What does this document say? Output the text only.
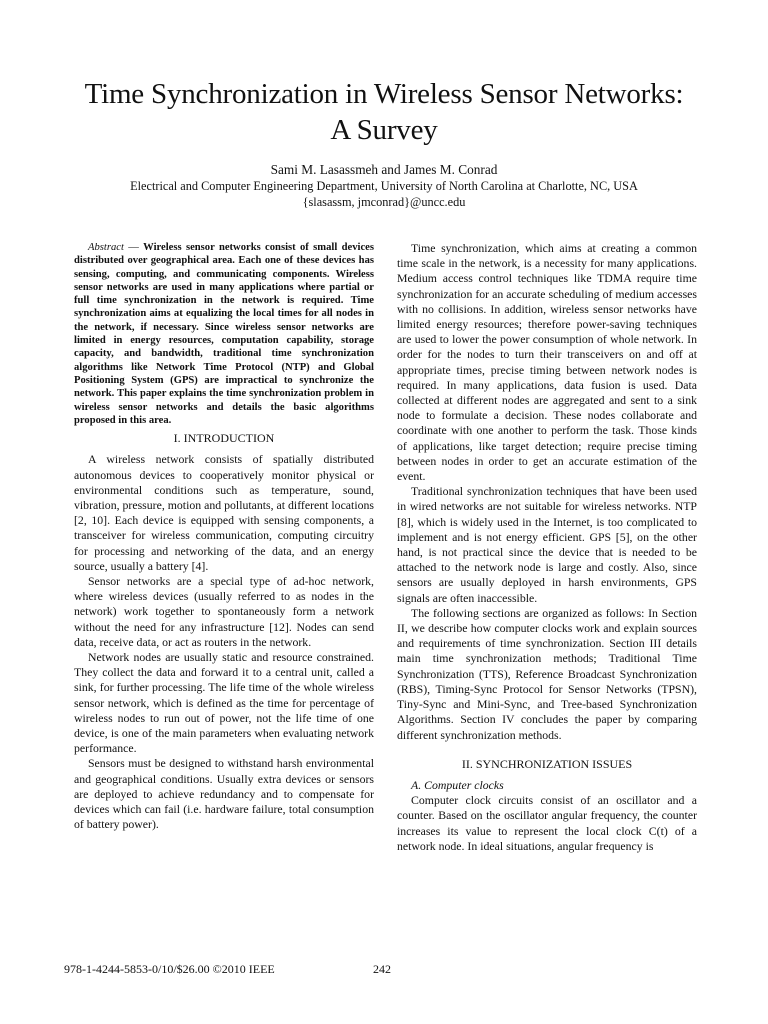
Time Synchronization in Wireless Sensor Networks:
A Survey
Sami M. Lasassmeh and James M. Conrad
Electrical and Computer Engineering Department, University of North Carolina at Charlotte, NC, USA
{slasassm, jmconrad}@uncc.edu

Abstract — Wireless sensor networks consist of small devices distributed over geographical area. Each one of these devices has sensing, computing, and communicating components. Wireless sensor networks are used in many applications where partial or full time synchronization in the network is required. Time synchronization aims at equalizing the local times for all nodes in the network, if necessary. Since wireless sensor networks are limited in energy resources, computation capability, storage capacity, and bandwidth, traditional time synchronization algorithms like Network Time Protocol (NTP) and Global Positioning System (GPS) are impractical to synchronize the network. This paper explains the time synchronization problem in wireless sensor networks and details the basic algorithms proposed in this area.

I. INTRODUCTION

A wireless network consists of spatially distributed autonomous devices to cooperatively monitor physical or environmental conditions such as temperature, sound, vibration, pressure, motion and pollutants, at different locations [2, 10]. Each device is equipped with sensing components, a transceiver for wireless communication, computing circuitry for processing and networking of the data, and an energy source, usually a battery [4].

Sensor networks are a special type of ad-hoc network, where wireless devices (usually referred to as nodes in the network) work together to spontaneously form a network without the need for any infrastructure [12]. Nodes can send data, receive data, or act as routers in the network.

Network nodes are usually static and resource constrained. They collect the data and forward it to a central unit, called a sink, for further processing. The life time of the whole wireless sensor network, which is defined as the time for percentage of wireless nodes to run out of power, not the life time of one device, is one of the main parameters when evaluating network performance.

Sensors must be designed to withstand harsh environmental and geographical conditions. Usually extra devices or sensors are deployed to achieve redundancy and to compensate for devices which can fail (i.e. hardware failure, total consumption of battery power).

Time synchronization, which aims at creating a common time scale in the network, is a necessity for many applications. Medium access control techniques like TDMA require time synchronization for an accurate scheduling of medium accesses with no collisions. In addition, wireless sensor networks have limited energy resources; therefore power-saving techniques are used to lower the power consumption of whole network. In order for the nodes to turn their transceivers on and off at appropriate times, precise timing between network nodes is required. In many applications, data fusion is used. Data collected at different nodes are aggregated and sent to a sink node to formulate a decision. These nodes collaborate and coordinate with one another to perform the task. Those kinds of applications, like target detection; require precise timing between nodes in order to get an accurate estimation of the event.

Traditional synchronization techniques that have been used in wired networks are not suitable for wireless networks. NTP [8], which is widely used in the Internet, is too complicated to implement and is not energy efficient. GPS [5], on the other hand, is not practical since the device that is needed to be attached to the network node is large and costly. Also, since sensors are usually deployed in harsh environments, GPS signals are often inaccessible.

The following sections are organized as follows: In Section II, we describe how computer clocks work and explain sources and requirements of time synchronization. Section III details main time synchronization methods; Traditional Time Synchronization (TTS), Reference Broadcast Synchronization (RBS), Timing-Sync Protocol for Sensor Networks (TPSN), Tiny-Sync and Mini-Sync, and Tree-based Synchronization Algorithms. Section IV concludes the paper by comparing different synchronization methods.

II. SYNCHRONIZATION ISSUES

A. Computer clocks

Computer clock circuits consist of an oscillator and a counter. Based on the oscillator angular frequency, the counter increases its value to represent the local clock C(t) of a network node. In ideal situations, angular frequency is

978-1-4244-5853-0/10/$26.00 ©2010 IEEE	242
